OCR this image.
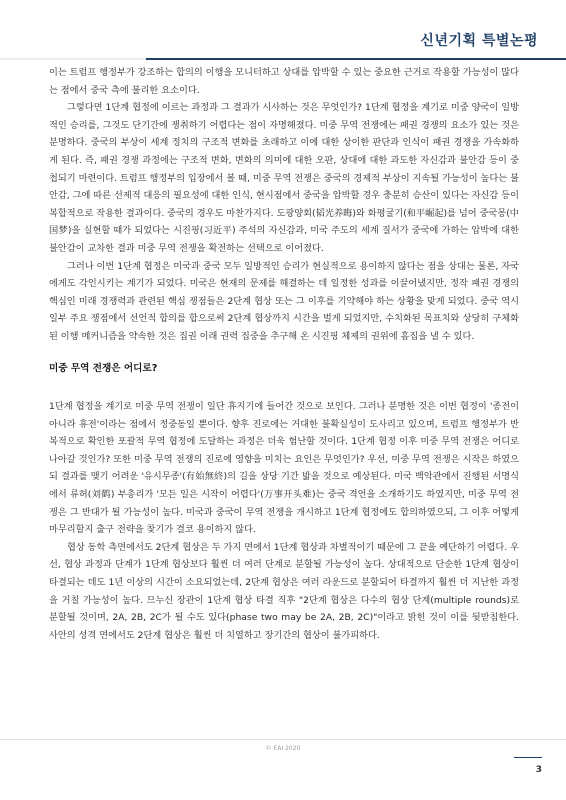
신년기획 특별논평

이는 트럼프 행정부가 강조하는 합의의 이행을 모니터하고 상대를 압박할 수 있는 중요한 근거로 작용할 가능성이 많다는 점에서 중국 측에 불리한 요소이다.

그렇다면 1단계 협정에 이르는 과정과 그 결과가 시사하는 것은 무엇인가? 1단계 협정을 계기로 미중 양국이 일방적인 승리를, 그것도 단기간에 쟁취하기 어렵다는 점이 자명해졌다. 미중 무역 전쟁에는 패권 경쟁의 요소가 있는 것은 분명하다. 중국의 부상이 세계 정치의 구조적 변화를 초래하고 이에 대한 상이한 판단과 인식이 패권 경쟁을 가속화하게 된다. 즉, 패권 경쟁 과정에는 구조적 변화, 변화의 의미에 대한 오판, 상대에 대한 과도한 자신감과 불안감 등이 중첩되기 마련이다. 트럼프 행정부의 입장에서 볼 때, 미중 무역 전쟁은 중국의 경제적 부상이 지속될 가능성이 높다는 불안감, 그에 따른 선제적 대응의 필요성에 대한 인식, 현시점에서 중국을 압박할 경우 충분히 승산이 있다는 자신감 등이 복합적으로 작용한 결과이다. 중국의 경우도 마찬가지다. 도광양회(韬光养晦)와 화평굴기(和平崛起)를 넘어 중국몽(中国梦)을 실현할 때가 되었다는 시진핑(习近平) 주석의 자신감과, 미국 주도의 세계 질서가 중국에 가하는 압박에 대한 불안감이 교차한 결과 미중 무역 전쟁을 확전하는 선택으로 이어졌다.

그러나 이번 1단계 협정은 미국과 중국 모두 일방적인 승리가 현실적으로 용이하지 않다는 점을 상대는 물론, 자국에게도 각인시키는 계기가 되었다. 미국은 현재의 문제를 해결하는 데 일정한 성과를 이끌어냈지만, 정작 패권 경쟁의 핵심인 미래 경쟁력과 관련된 핵심 쟁점들은 2단계 협상 또는 그 이후를 기약해야 하는 상황을 맞게 되었다. 중국 역시 일부 주요 쟁점에서 선언적 합의를 합으로써 2단계 협상까지 시간을 벌게 되었지만, 수치화된 목표치와 상당히 구체화된 이행 메커니즘을 약속한 것은 집권 이래 권력 집중을 추구해 온 시진핑 체제의 권위에 흠집을 낼 수 있다.

미중 무역 전쟁은 어디로?

1단계 협정을 계기로 미중 무역 전쟁이 일단 휴지기에 들어간 것으로 보인다. 그러나 분명한 것은 이번 협정이 '종전이 아니라 휴전'이라는 점에서 정중동일 뿐이다. 향후 진로에는 거대한 불확실성이 도사리고 있으며, 트럼프 행정부가 반복적으로 확인한 포괄적 무역 협정에 도달하는 과정은 더욱 험난할 것이다. 1단계 협정 이후 미중 무역 전쟁은 어디로 나아갈 것인가? 또한 미중 무역 전쟁의 진로에 영향을 미치는 요인은 무엇인가? 우선, 미중 무역 전쟁은 시작은 하였으되 결과를 맺기 어려운 '유시무종'(有始無終)의 길을 상당 기간 밟을 것으로 예상된다. 미국 백악관에서 진행된 서명식에서 류허(刘鹤) 부총리가 '모든 일은 시작이 어렵다'(万事开头难)는 중국 격언을 소개하기도 하였지만, 미중 무역 전쟁은 그 반대가 될 가능성이 높다. 미국과 중국이 무역 전쟁을 개시하고 1단계 협정에도 합의하였으되, 그 이후 어떻게 마무리할지 출구 전략을 찾기가 결코 용이하지 않다.

협상 동학 측면에서도 2단계 협상은 두 가지 면에서 1단계 협상과 차별적이기 때문에 그 끝을 예단하기 어렵다. 우선, 협상 과정과 단계가 1단계 협상보다 훨씬 더 여러 단계로 분할될 가능성이 높다. 상대적으로 단순한 1단계 협상이 타결되는 데도 1년 이상의 시간이 소요되었는데, 2단계 협상은 여러 라운드로 분할되어 타결까지 훨씬 더 지난한 과정을 거칠 가능성이 높다. 므누신 장관이 1단계 협상 타결 직후 "2단계 협상은 다수의 협상 단계(multiple rounds)로 분할될 것이며, 2A, 2B, 2C가 될 수도 있다(phase two may be 2A, 2B, 2C)"이라고 밝힌 것이 이를 뒷받침한다. 사안의 성격 면에서도 2단계 협상은 훨씬 더 치열하고 장기간의 협상이 불가피하다.

© EAI 2020
3
